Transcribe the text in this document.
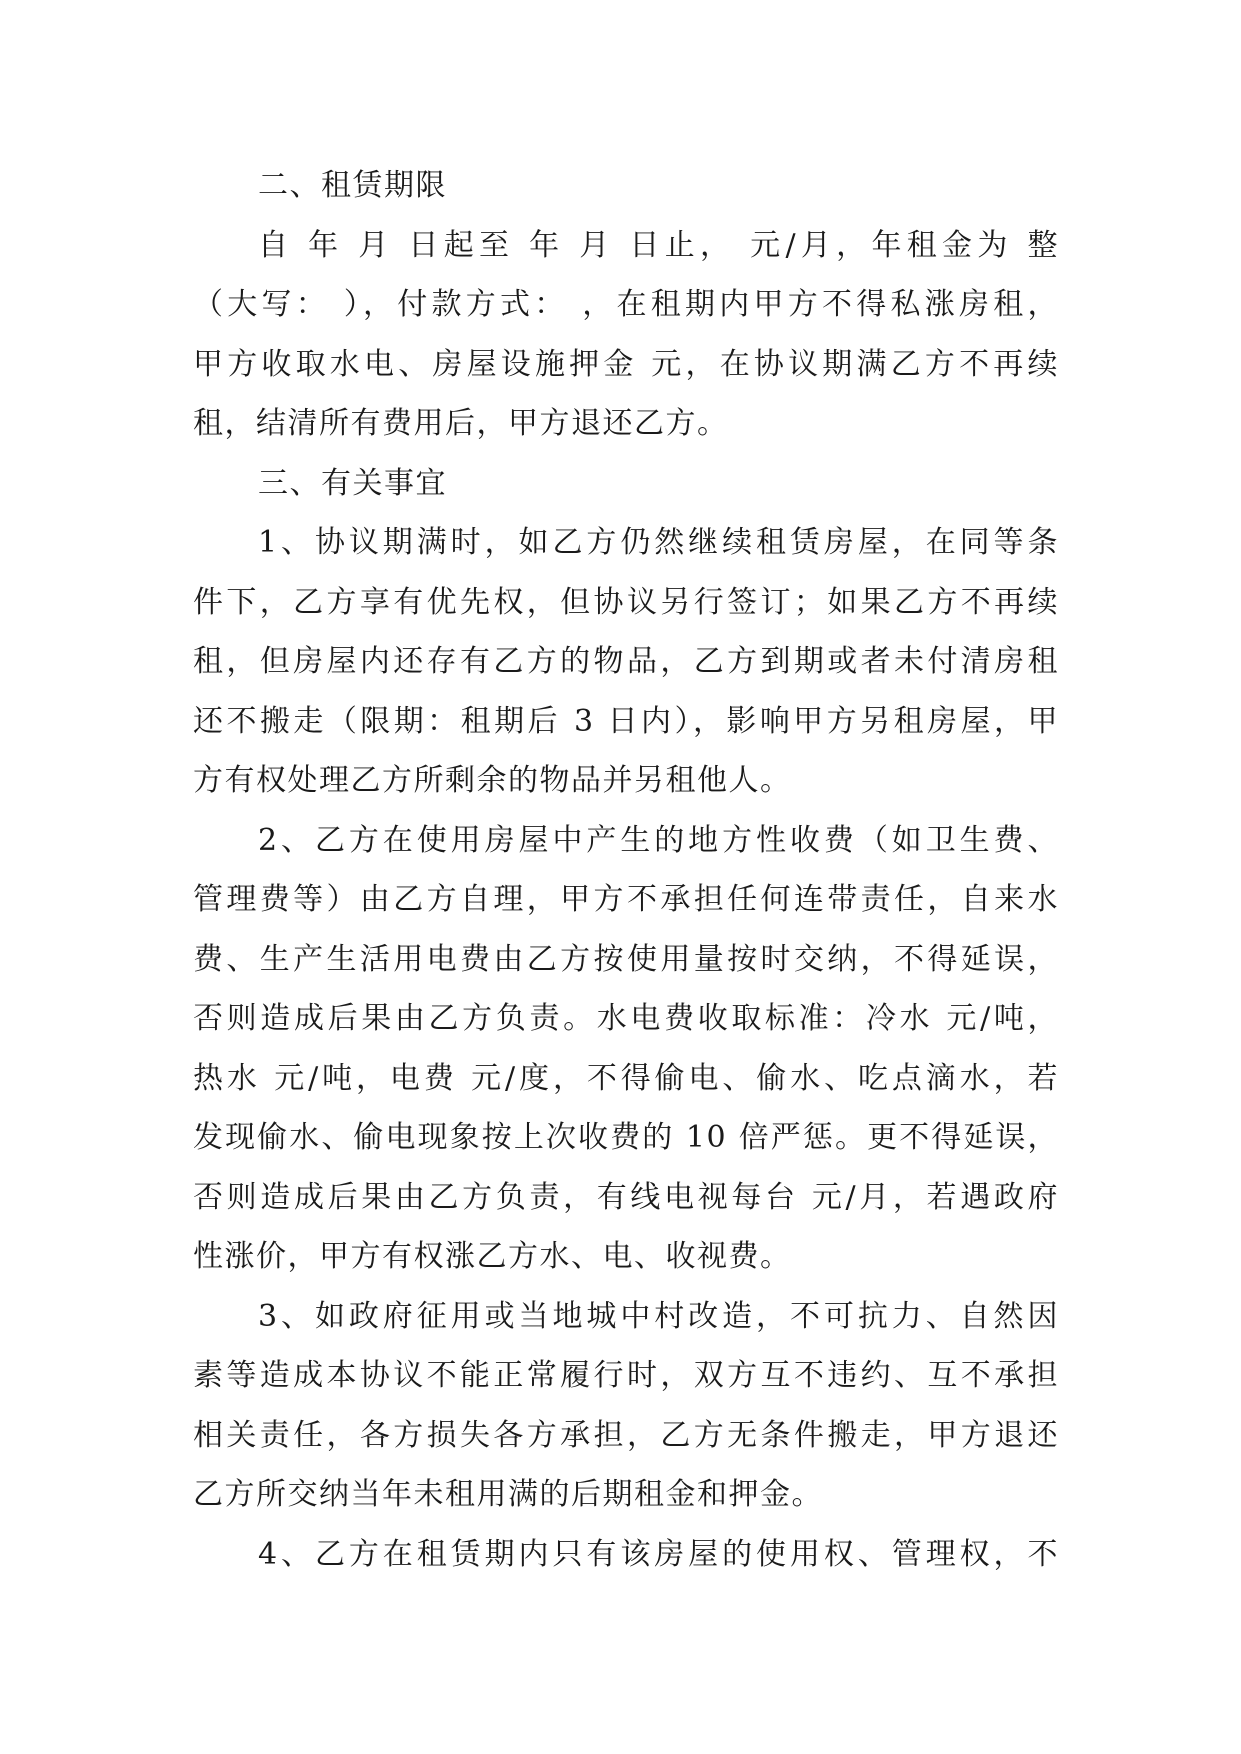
二、租赁期限
自 年 月 日起至 年 月 日止， 元/月，年租金为 整
（大写： ），付款方式： ，在租期内甲方不得私涨房租，
甲方收取水电、房屋设施押金 元，在协议期满乙方不再续
租，结清所有费用后，甲方退还乙方。
三、有关事宜
1、协议期满时，如乙方仍然继续租赁房屋，在同等条
件下，乙方享有优先权，但协议另行签订；如果乙方不再续
租，但房屋内还存有乙方的物品，乙方到期或者未付清房租
还不搬走（限期：租期后 3 日内），影响甲方另租房屋，甲
方有权处理乙方所剩余的物品并另租他人。
2、乙方在使用房屋中产生的地方性收费（如卫生费、
管理费等）由乙方自理，甲方不承担任何连带责任，自来水
费、生产生活用电费由乙方按使用量按时交纳，不得延误，
否则造成后果由乙方负责。水电费收取标准：冷水 元/吨，
热水 元/吨，电费 元/度，不得偷电、偷水、吃点滴水，若
发现偷水、偷电现象按上次收费的 10 倍严惩。更不得延误，
否则造成后果由乙方负责，有线电视每台 元/月，若遇政府
性涨价，甲方有权涨乙方水、电、收视费。
3、如政府征用或当地城中村改造，不可抗力、自然因
素等造成本协议不能正常履行时，双方互不违约、互不承担
相关责任，各方损失各方承担，乙方无条件搬走，甲方退还
乙方所交纳当年未租用满的后期租金和押金。
4、乙方在租赁期内只有该房屋的使用权、管理权，不
